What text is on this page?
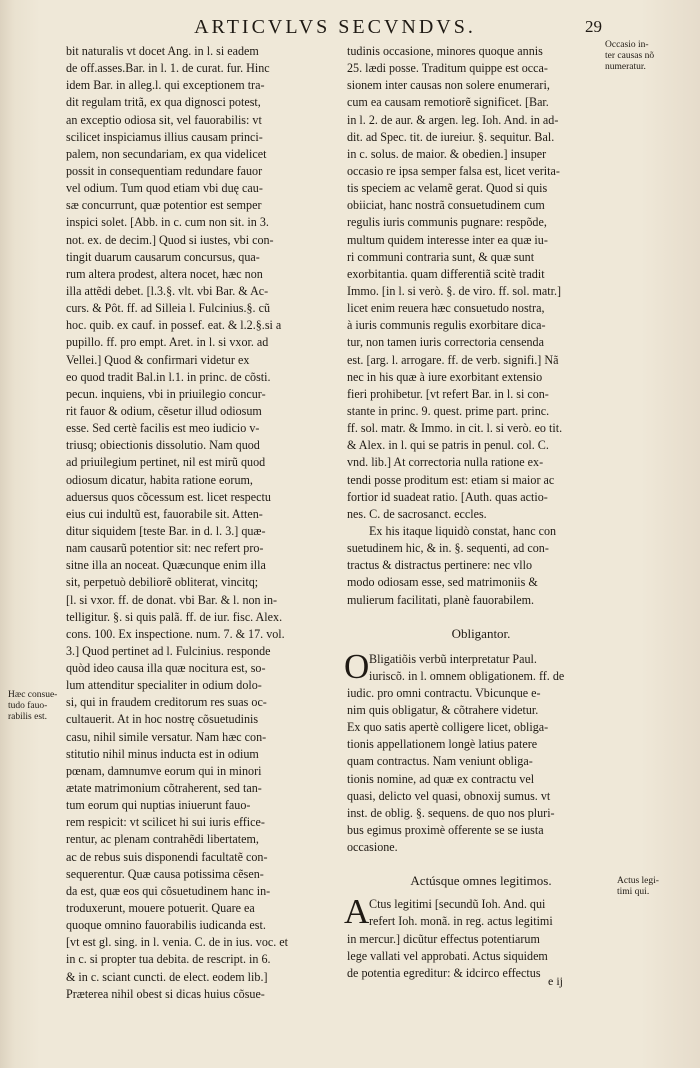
ARTICVLVS SECVNDVS.	29
bit naturalis vt docet Ang. in l. si eadem
de off.asses.Bar. in l. 1. de curat. fur. Hinc
idem Bar. in alleg.l. qui exceptionem tra-
dit regulam tritã, ex qua dignosci potest,
an exceptio odiosa sit, vel fauorabilis: vt
scilicet inspiciamus illius causam princi-
palem, non secundariam, ex qua videlicet
possit in consequentiam redundare fauor
vel odium. Tum quod etiam vbi duę cau-
sæ concurrunt, quæ potentior est semper
inspici solet. [Abb. in c. cum non sit. in 3.
not. ex. de decim.] Quod si iustes, vbi con-
tingit duarum causarum concursus, qua-
rum altera prodest, altera nocet, hæc non
illa attẽdi debet. [l.3.§. vlt. vbi Bar. & Ac-
curs. & Pôt. ff. ad Silleia l. Fulcinius.§. cũ
hoc. quib. ex cauf. in possef. eat. & l.2.§.si a
pupillo. ff. pro empt. Aret. in l. si vxor. ad
Vellei.] Quod & confirmari videtur ex
eo quod tradit Bal.in l.1. in princ. de cõsti.
pecun. inquiens, vbi in priuilegio concur-
rit fauor & odium, cẽsetur illud odiosum
esse. Sed certè facilis est meo iudicio v-
triusq; obiectionis dissolutio. Nam quod
ad priuilegium pertinet, nil est mirũ quod
odiosum dicatur, habita ratione eorum,
aduersus quos cõcessum est. licet respectu
eius cui indultũ est, fauorabile sit. Atten-
ditur siquidem [teste Bar. in d. l. 3.] quæ-
nam causarũ potentior sit: nec refert pro-
sitne illa an noceat. Quæcunque enim illa
sit, perpetuò debiliorẽ obliterat, vincitq;
[l. si vxor. ff. de donat. vbi Bar. & l. non in-
telligitur. §. si quis palã. ff. de iur. fisc. Alex.
cons. 100. Ex inspectione. num. 7. & 17. vol.
3.] Quod pertinet ad l. Fulcinius. responde
quòd ideo causa illa quæ nocitura est, so-
lum attenditur specialiter in odium dolo-
si, qui in fraudem creditorum res suas oc-
cultauerit. At in hoc nostrę cõsuetudinis
casu, nihil simile versatur. Nam hæc con-
stitutio nihil minus inducta est in odium
pœnam, damnumve eorum qui in minori
ætate matrimonium cõtraherent, sed tan-
tum eorum qui nuptias iniuerunt fauo-
rem respicit: vt scilicet hi sui iuris effice-
rentur, ac plenam contrahẽdi libertatem,
ac de rebus suis disponendi facultatẽ con-
sequerentur. Quæ causa potissima cẽsen-
da est, quæ eos qui cõsuetudinem hanc in-
troduxerunt, mouere potuerit. Quare ea
quoque omnino fauorabilis iudicanda est.
[vt est gl. sing. in l. venia. C. de in ius. voc. et
in c. si propter tua debita. de rescript. in 6.
& in c. sciant cuncti. de elect. eodem lib.]
Præterea nihil obest si dicas huius cõsue-
tudinis occasione, minores quoque annis
25. lædi posse. Traditum quippe est occa-
sionem inter causas non solere enumerari,
cum ea causam remotiorẽ significet. [Bar.
in l. 2. de aur. & argen. leg. Ioh. And. in ad-
dit. ad Spec. tit. de iureiur. §. sequitur. Bal.
in c. solus. de maior. & obedien.] insuper
occasio re ipsa semper falsa est, licet verita-
tis speciem ac velamẽ gerat. Quod si quis
obiiciat, hanc nostrã consuetudinem cum
regulis iuris communis pugnare: respõde,
multum quidem interesse inter ea quæ iu-
ri communi contraria sunt, & quæ sunt
exorbitantia. quam differentiã scitè tradit
Immo. [in l. si verò. §. de viro. ff. sol. matr.]
licet enim reuera hæc consuetudo nostra,
à iuris communis regulis exorbitare dica-
tur, non tamen iuris correctoria censenda
est. [arg. l. arrogare. ff. de verb. signifi.] Nã
nec in his quæ à iure exorbitant extensio
fieri prohibetur. [vt refert Bar. in l. si con-
stante in princ. 9. quest. prime part. princ.
ff. sol. matr. & Immo. in cit. l. si verò. eo tit.
& Alex. in l. qui se patris in penul. col. C.
vnd. lib.] At correctoria nulla ratione ex-
tendi posse proditum est: etiam si maior ac
fortior id suadeat ratio. [Auth. quas actio-
nes. C. de sacrosanct. eccles.
Ex his itaque liquidò constat, hanc con
suetudinem hic, & in. §. sequenti, ad con-
tractus & distractus pertinere: nec vllo
modo odiosam esse, sed matrimoniis &
mulierum facilitati, planè fauorabilem.
Obligantor.
O Bligatiõis verbũ interpretatur Paul.
iuriscõ. in l. omnem obligationem. ff. de
iudic. pro omni contractu. Vbicunque e-
nim quis obligatur, & cõtrahere videtur.
Ex quo satis apertè colligere licet, obliga-
tionis appellationem longè latius patere
quam contractus. Nam veniunt obliga-
tionis nomine, ad quæ ex contractu vel
quasi, delicto vel quasi, obnoxij sumus. vt
inst. de oblig. §. sequens. de quo nos pluri-
bus egimus proximè offerente se se iusta
occasione.
Actúsque omnes legitimos.
A Ctus legitimi [secundũ Ioh. And. qui
refert Ioh. monã. in reg. actus legitimi
in mercur.] dicũtur effectus potentiarum
lege vallati vel approbati. Actus siquidem
de potentia egreditur: & idcirco effectus
Occasio in-
ter causas nõ
numeratur.
Hæc consue-
tudo fauo-
rabilis est.
Actus legi-
timi qui.
e ij
